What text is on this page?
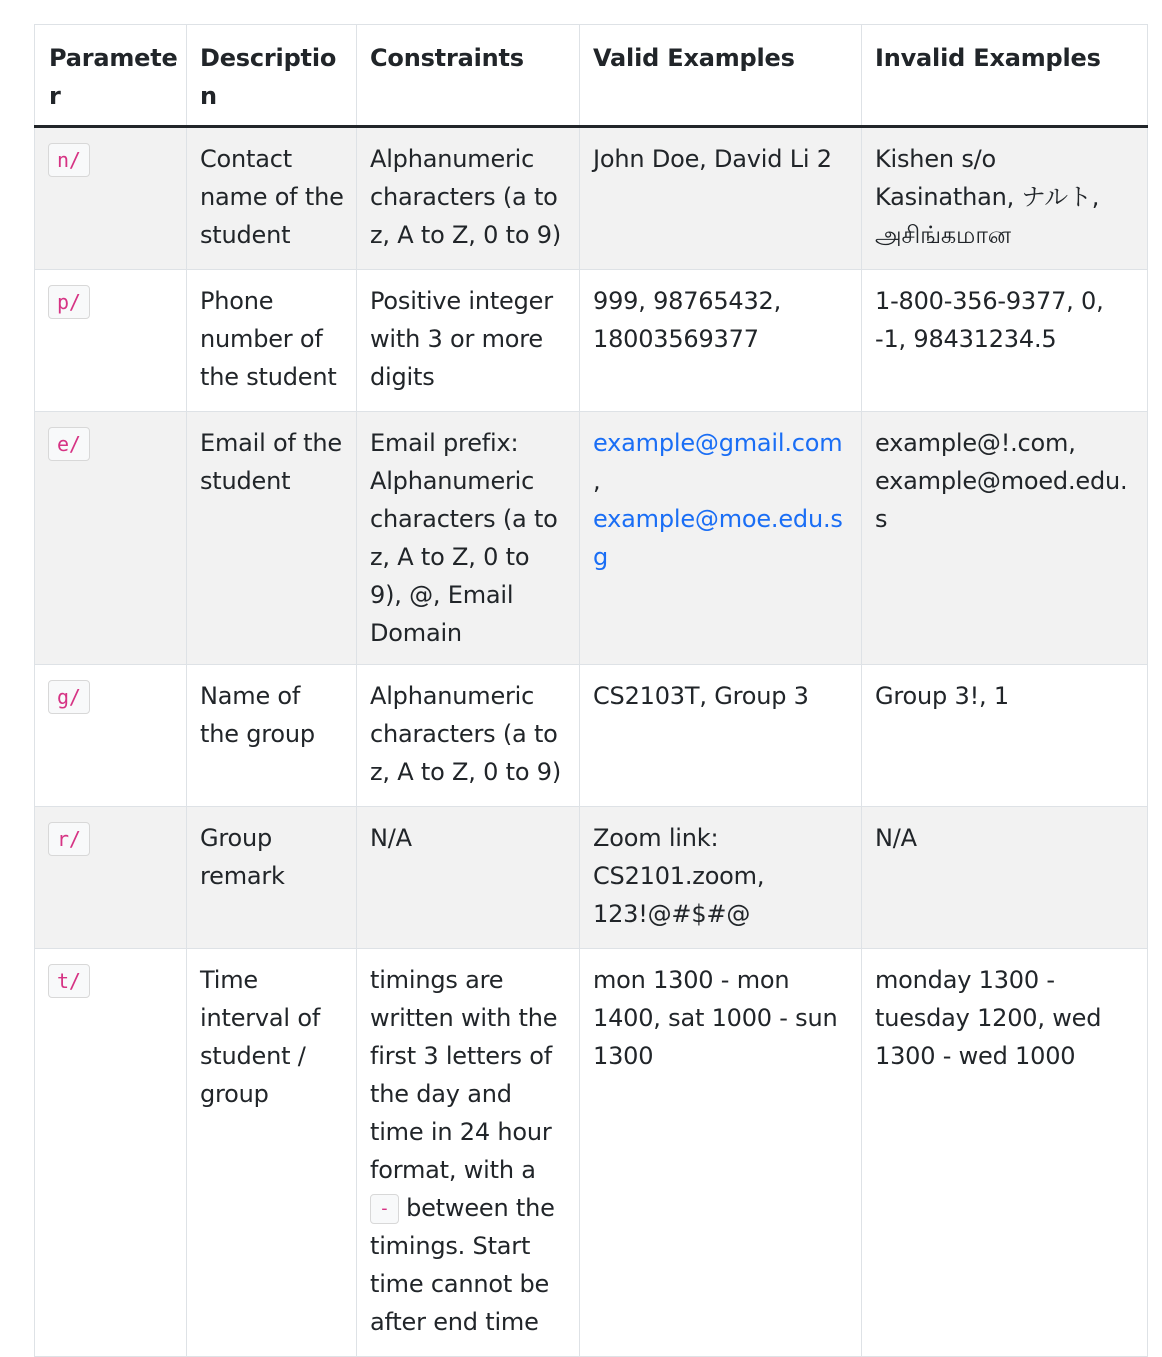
Parameter	Description	Constraints	Valid Examples	Invalid Examples
n/	Contact name of the student	Alphanumeric characters (a to z, A to Z, 0 to 9)	John Doe, David Li 2	Kishen s/o Kasinathan, ナルト, அசிங்கமான
p/	Phone number of the student	Positive integer with 3 or more digits	999, 98765432, 18003569377	1-800-356-9377, 0, -1, 98431234.5
e/	Email of the student	Email prefix: Alphanumeric characters (a to z, A to Z, 0 to 9), @, Email Domain	example@gmail.com, example@moe.edu.sg	example@!.com, example@moed.edu.s
g/	Name of the group	Alphanumeric characters (a to z, A to Z, 0 to 9)	CS2103T, Group 3	Group 3!, 1
r/	Group remark	N/A	Zoom link: CS2101.zoom, 123!@#$#@	N/A
t/	Time interval of student / group	timings are written with the first 3 letters of the day and time in 24 hour format, with a - between the timings. Start time cannot be after end time	mon 1300 - mon 1400, sat 1000 - sun 1300	monday 1300 - tuesday 1200, wed 1300 - wed 1000
